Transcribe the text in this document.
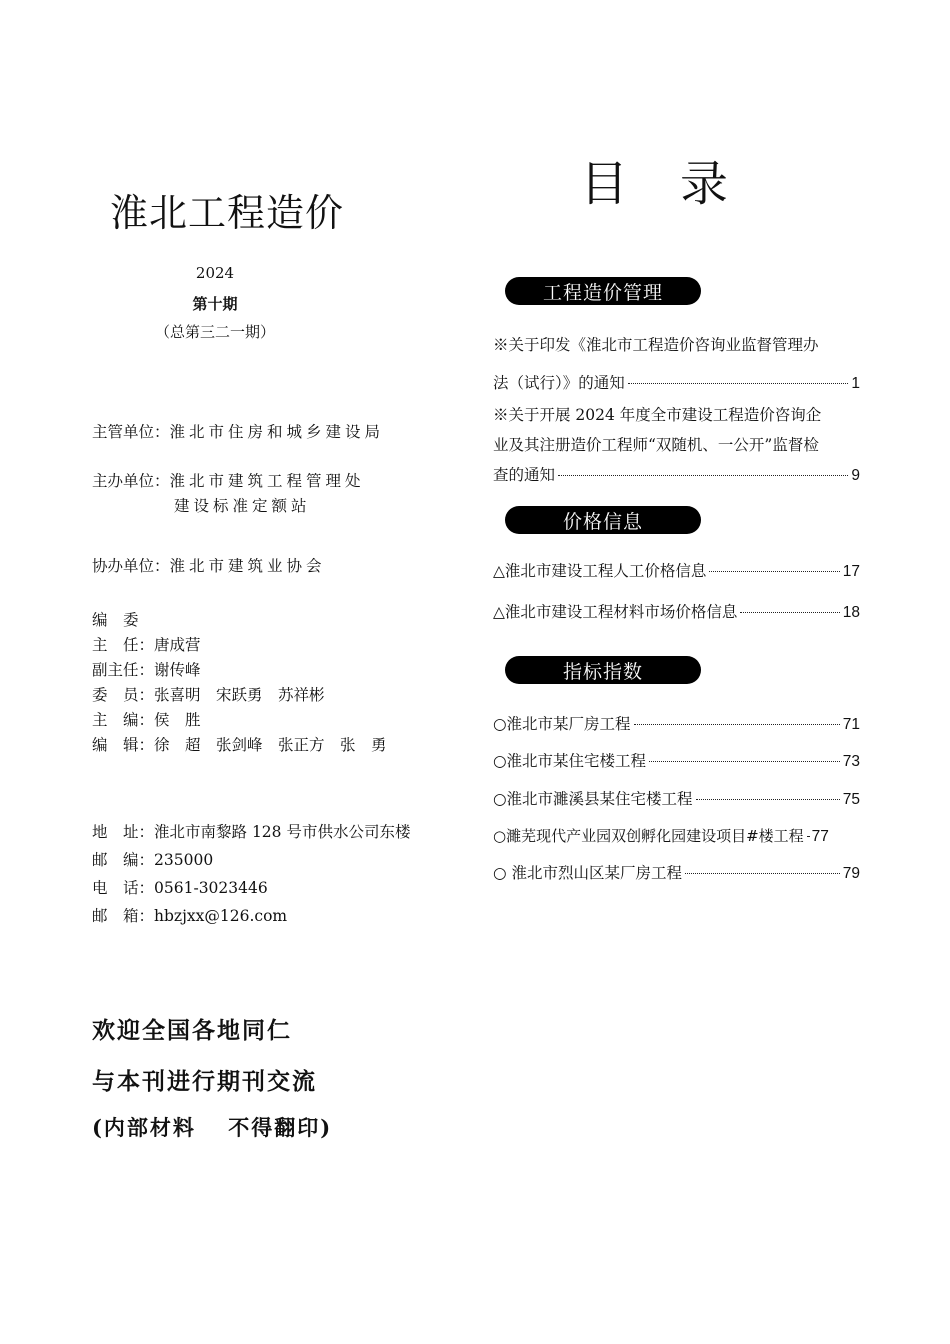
淮北工程造价
2024
第十期
（总第三二一期）
主管单位：淮北市住房和城乡建设局
主办单位：淮北市建筑工程管理处
建设标准定额站
协办单位：淮北市建筑业协会
编　委
主　任：唐成营
副主任：谢传峰
委　员：张喜明　宋跃勇　苏祥彬
主　编：侯　胜
编　辑：徐　超　张剑峰　张正方　张　勇
地　址：淮北市南黎路 128 号市供水公司东楼
邮　编：235000
电　话：0561-3023446
邮　箱：hbzjxx@126.com
欢迎全国各地同仁
与本刊进行期刊交流
(内部材料　 不得翻印)
目录
工程造价管理
※关于印发《淮北市工程造价咨询业监督管理办
法（试行）》的通知	1
※关于开展 2024 年度全市建设工程造价咨询企
业及其注册造价工程师“双随机、一公开”监督检
查的通知	9
价格信息
△淮北市建设工程人工价格信息	17
△淮北市建设工程材料市场价格信息	18
指标指数
○淮北市某厂房工程	71
○淮北市某住宅楼工程	73
○淮北市濉溪县某住宅楼工程	75
○濉芜现代产业园双创孵化园建设项目#楼工程 77
○ 淮北市烈山区某厂房工程	79
